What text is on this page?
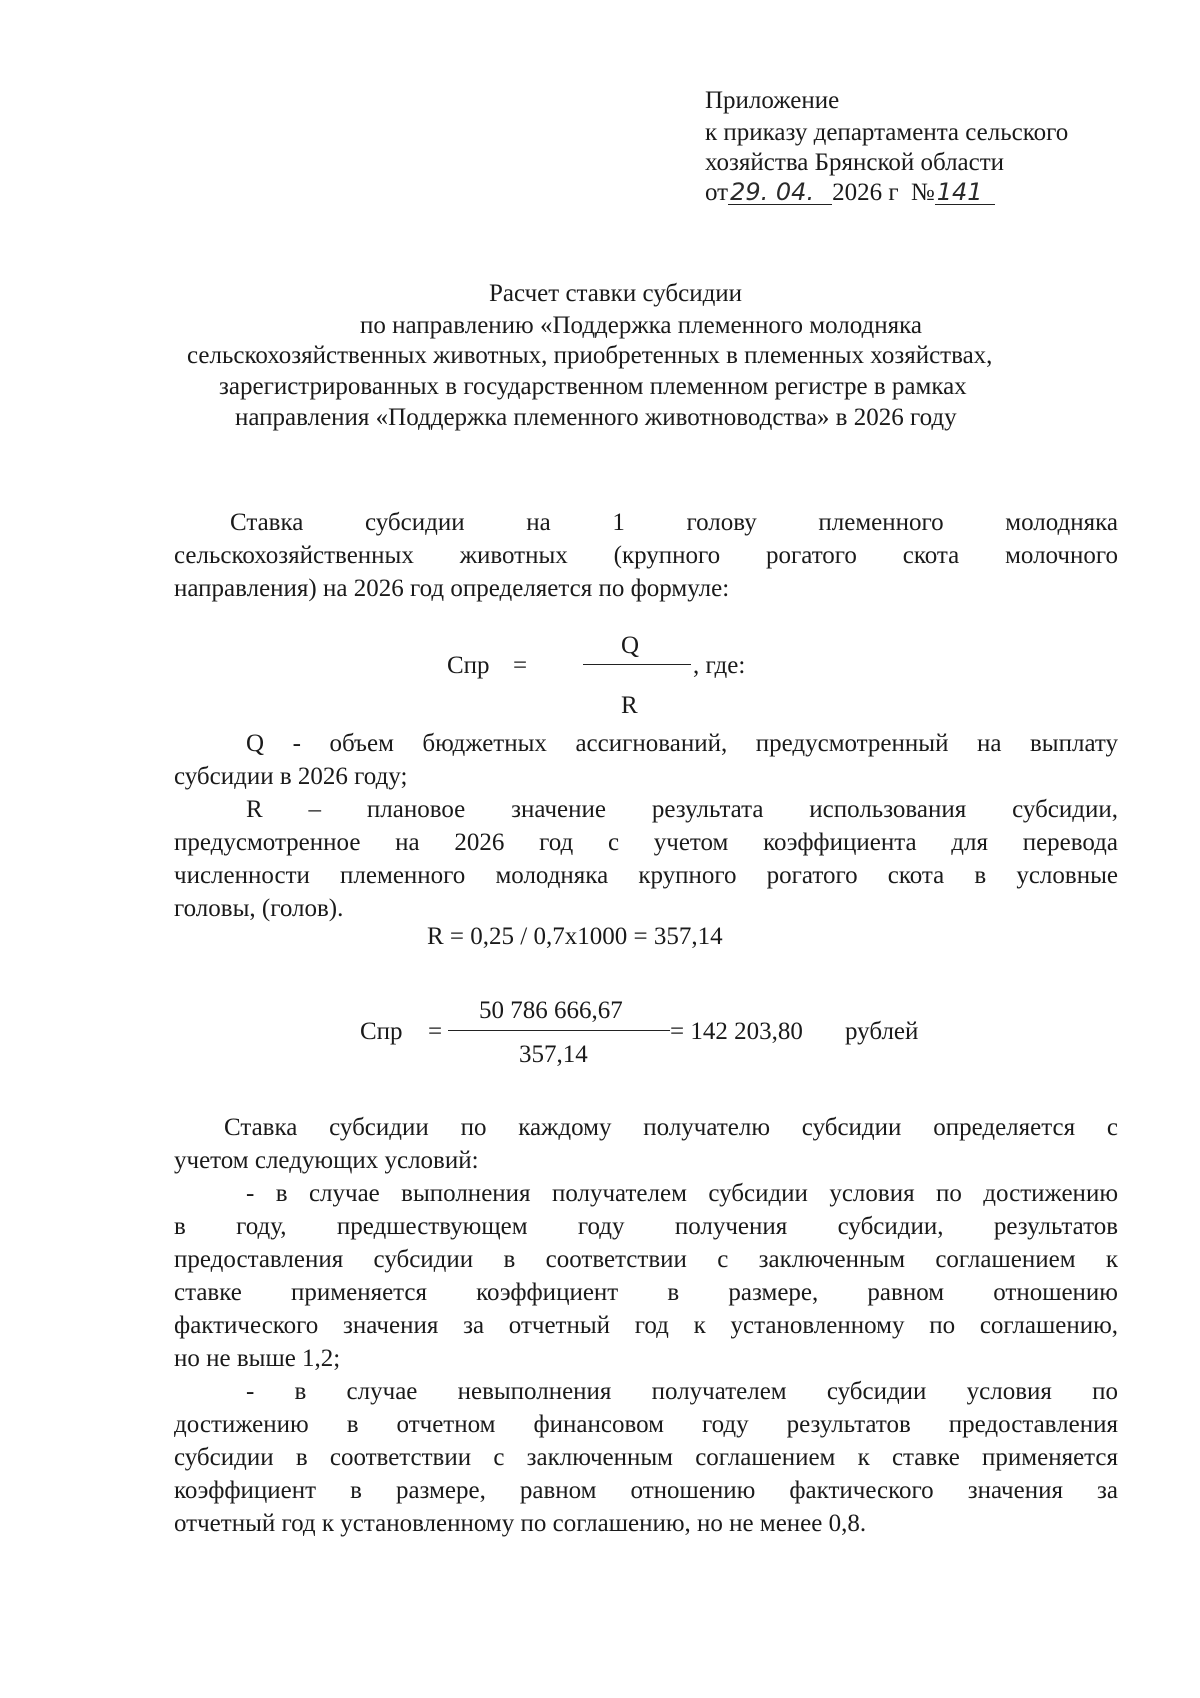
Приложение
к приказу департамента сельского
хозяйства Брянской области
от29. 04. 2026 г №141
Расчет ставки субсидии
по направлению «Поддержка племенного молодняка
сельскохозяйственных животных, приобретенных в племенных хозяйствах,
зарегистрированных в государственном племенном регистре в рамках
направления «Поддержка племенного животноводства» в 2026 году
Ставка субсидии на 1 голову племенного молодняка
сельскохозяйственных животных (крупного рогатого скота молочного
направления) на 2026 год определяется по формуле:
Спр =
Q
R
, где:
Q - объем бюджетных ассигнований, предусмотренный на выплату
субсидии в 2026 году;
R – плановое значение результата использования субсидии,
предусмотренное на 2026 год с учетом коэффициента для перевода
численности племенного молодняка крупного рогатого скота в условные
головы, (голов).
R = 0,25 / 0,7х1000 = 357,14
Спр =
50 786 666,67
357,14
= 142 203,80 рублей
Ставка субсидии по каждому получателю субсидии определяется с
учетом следующих условий:
- в случае выполнения получателем субсидии условия по достижению
в году, предшествующем году получения субсидии, результатов
предоставления субсидии в соответствии с заключенным соглашением к
ставке применяется коэффициент в размере, равном отношению
фактического значения за отчетный год к установленному по соглашению,
но не выше 1,2;
- в случае невыполнения получателем субсидии условия по
достижению в отчетном финансовом году результатов предоставления
субсидии в соответствии с заключенным соглашением к ставке применяется
коэффициент в размере, равном отношению фактического значения за
отчетный год к установленному по соглашению, но не менее 0,8.
